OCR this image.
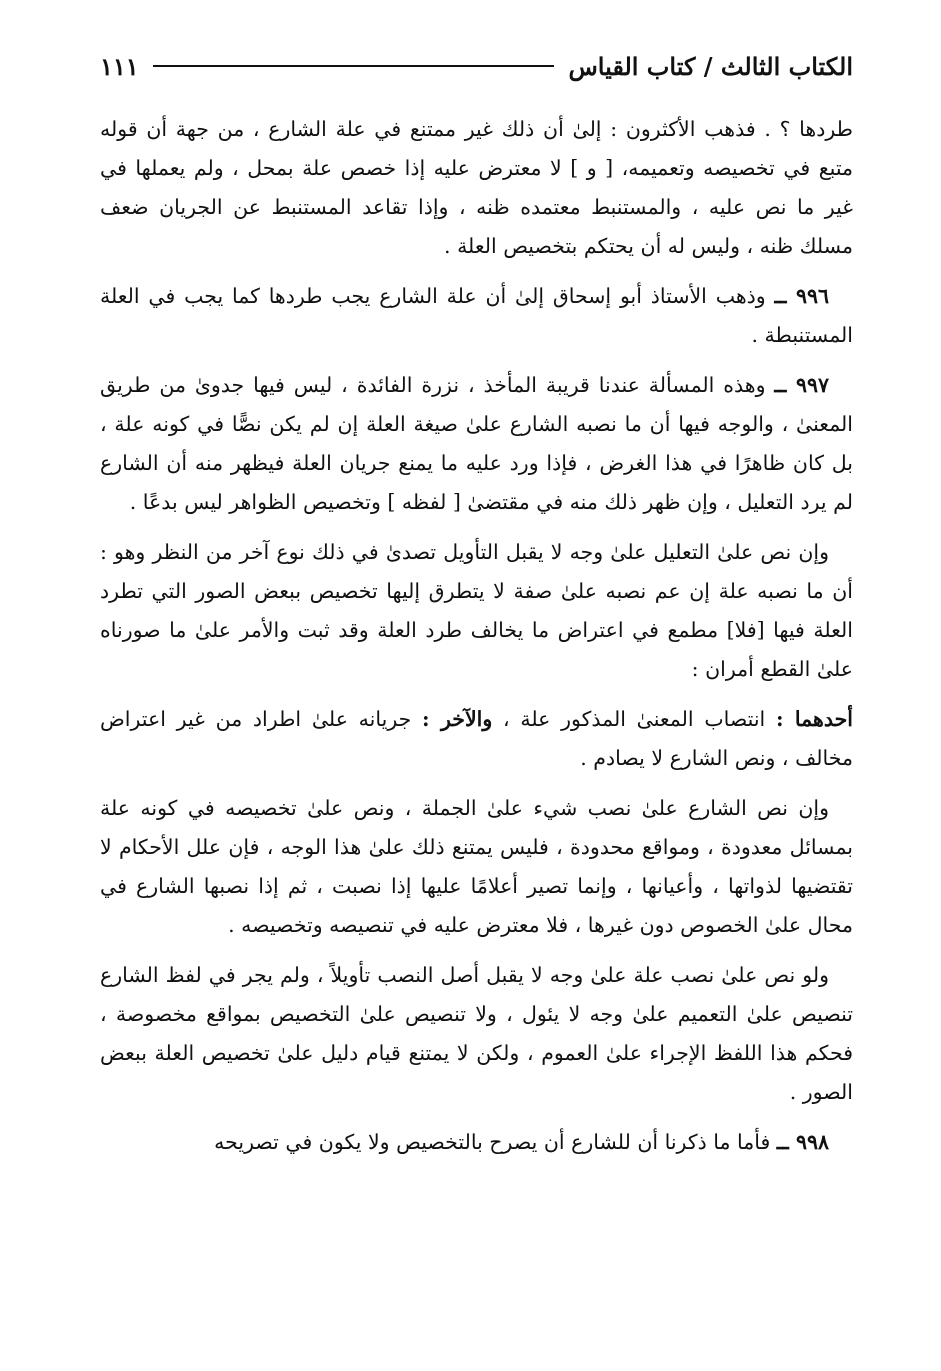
الكتاب الثالث / كتاب القياس
١١١

طردها ؟ . فذهب الأكثرون : إلىٰ أن ذلك غير ممتنع في علة الشارع ، من جهة أن قوله متبع في تخصيصه وتعميمه، [ و ] لا معترض عليه إذا خصص علة بمحل ، ولم يعملها في غير ما نص عليه ، والمستنبط معتمده ظنه ، وإذا تقاعد المستنبط عن الجريان ضعف مسلك ظنه ، وليس له أن يحتكم بتخصيص العلة .

٩٩٦ ــ وذهب الأستاذ أبو إسحاق إلىٰ أن علة الشارع يجب طردها كما يجب في العلة المستنبطة .

٩٩٧ ــ وهذه المسألة عندنا قريبة المأخذ ، نزرة الفائدة ، ليس فيها جدوىٰ من طريق المعنىٰ ، والوجه فيها أن ما نصبه الشارع علىٰ صيغة العلة إن لم يكن نصًّا في كونه علة ، بل كان ظاهرًا في هذا الغرض ، فإذا ورد عليه ما يمنع جريان العلة فيظهر منه أن الشارع لم يرد التعليل ، وإن ظهر ذلك منه في مقتضىٰ [ لفظه ] وتخصيص الظواهر ليس بدعًا .

وإن نص علىٰ التعليل علىٰ وجه لا يقبل التأويل تصدىٰ في ذلك نوع آخر من النظر وهو : أن ما نصبه علة إن عم نصبه علىٰ صفة لا يتطرق إليها تخصيص ببعض الصور التي تطرد العلة فيها [فلا] مطمع في اعتراض ما يخالف طرد العلة وقد ثبت والأمر علىٰ ما صورناه علىٰ القطع أمران :

أحدهما : انتصاب المعنىٰ المذكور علة ، والآخر : جريانه علىٰ اطراد من غير اعتراض مخالف ، ونص الشارع لا يصادم .

وإن نص الشارع علىٰ نصب شيء علىٰ الجملة ، ونص علىٰ تخصيصه في كونه علة بمسائل معدودة ، ومواقع محدودة ، فليس يمتنع ذلك علىٰ هذا الوجه ، فإن علل الأحكام لا تقتضيها لذواتها ، وأعيانها ، وإنما تصير أعلامًا عليها إذا نصبت ، ثم إذا نصبها الشارع في محال علىٰ الخصوص دون غيرها ، فلا معترض عليه في تنصيصه وتخصيصه .

ولو نص علىٰ نصب علة علىٰ وجه لا يقبل أصل النصب تأويلاً ، ولم يجر في لفظ الشارع تنصيص علىٰ التعميم علىٰ وجه لا يئول ، ولا تنصيص علىٰ التخصيص بمواقع مخصوصة ، فحكم هذا اللفظ الإجراء علىٰ العموم ، ولكن لا يمتنع قيام دليل علىٰ تخصيص العلة ببعض الصور .

٩٩٨ ــ فأما ما ذكرنا أن للشارع أن يصرح بالتخصيص ولا يكون في تصريحه
